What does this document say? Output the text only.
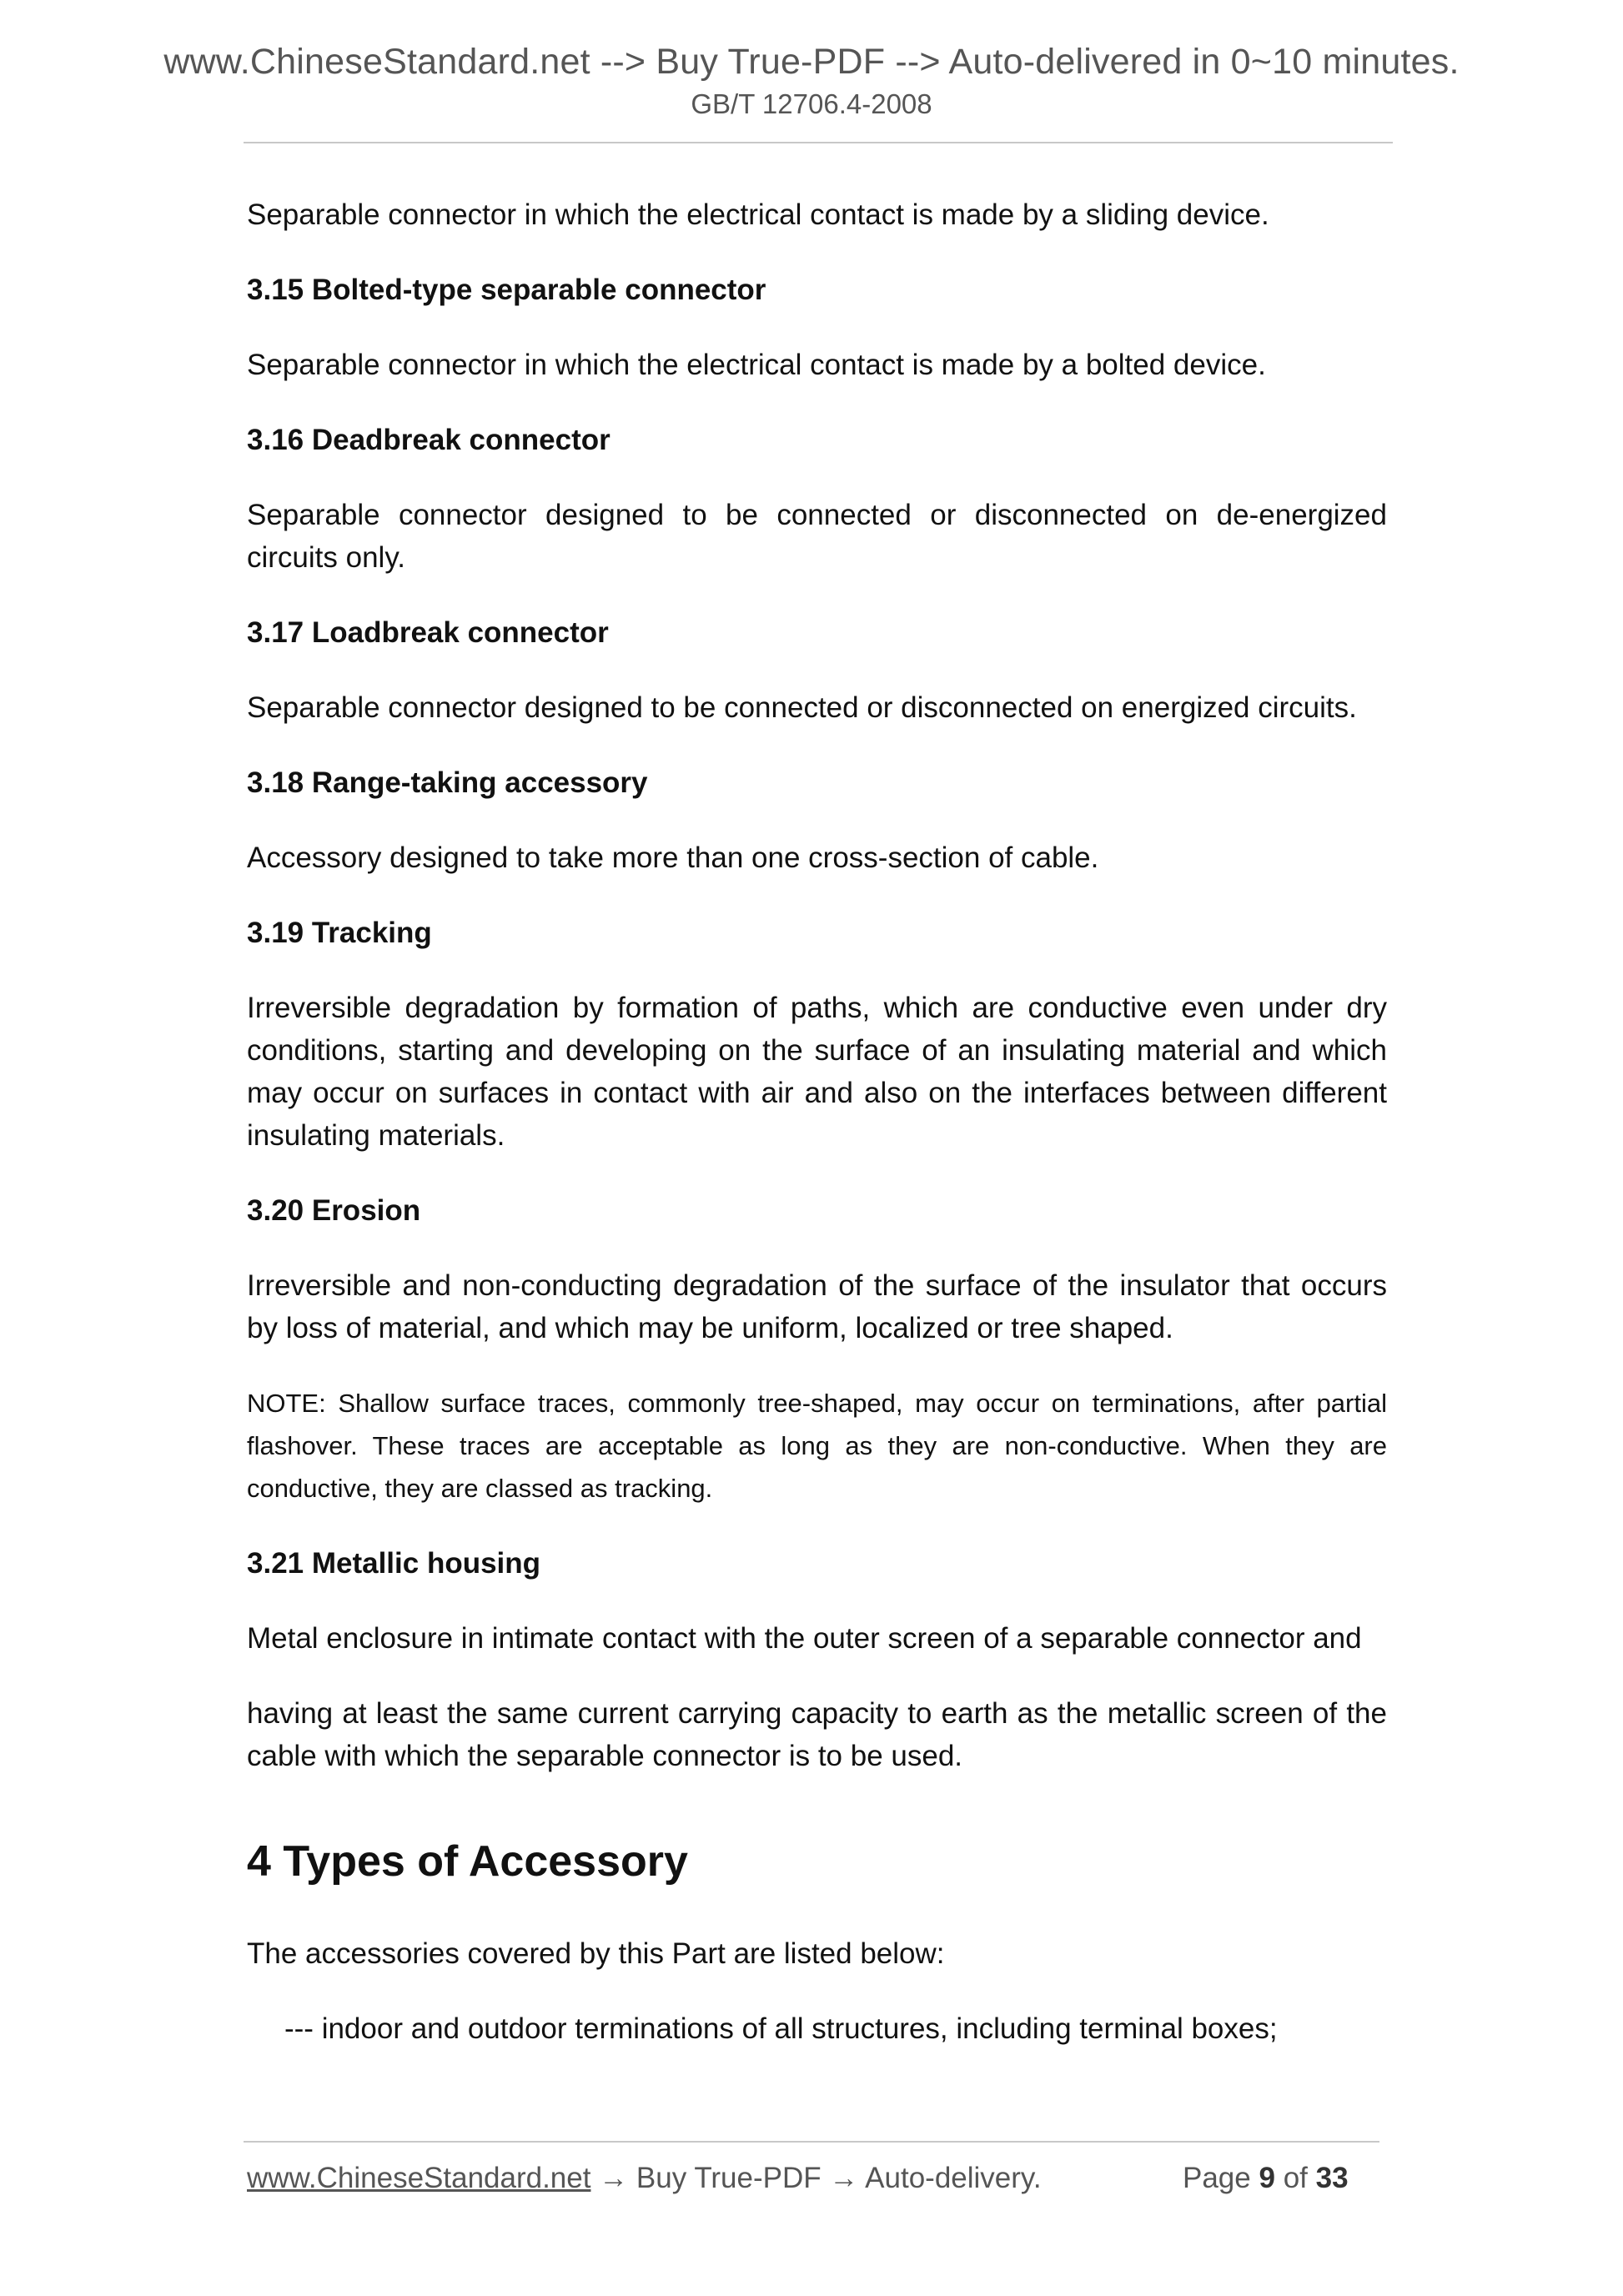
www.ChineseStandard.net --> Buy True-PDF --> Auto-delivered in 0~10 minutes.
GB/T 12706.4-2008

Separable connector in which the electrical contact is made by a sliding device.

3.15 Bolted-type separable connector

Separable connector in which the electrical contact is made by a bolted device.

3.16 Deadbreak connector

Separable connector designed to be connected or disconnected on de-energized circuits only.

3.17 Loadbreak connector

Separable connector designed to be connected or disconnected on energized circuits.

3.18 Range-taking accessory

Accessory designed to take more than one cross-section of cable.

3.19 Tracking

Irreversible degradation by formation of paths, which are conductive even under dry conditions, starting and developing on the surface of an insulating material and which may occur on surfaces in contact with air and also on the interfaces between different insulating materials.

3.20 Erosion

Irreversible and non-conducting degradation of the surface of the insulator that occurs by loss of material, and which may be uniform, localized or tree shaped.

NOTE: Shallow surface traces, commonly tree-shaped, may occur on terminations, after partial flashover. These traces are acceptable as long as they are non-conductive. When they are conductive, they are classed as tracking.

3.21 Metallic housing

Metal enclosure in intimate contact with the outer screen of a separable connector and

having at least the same current carrying capacity to earth as the metallic screen of the cable with which the separable connector is to be used.

4 Types of Accessory

The accessories covered by this Part are listed below:

--- indoor and outdoor terminations of all structures, including terminal boxes;

www.ChineseStandard.net → Buy True-PDF → Auto-delivery.	Page 9 of 33
